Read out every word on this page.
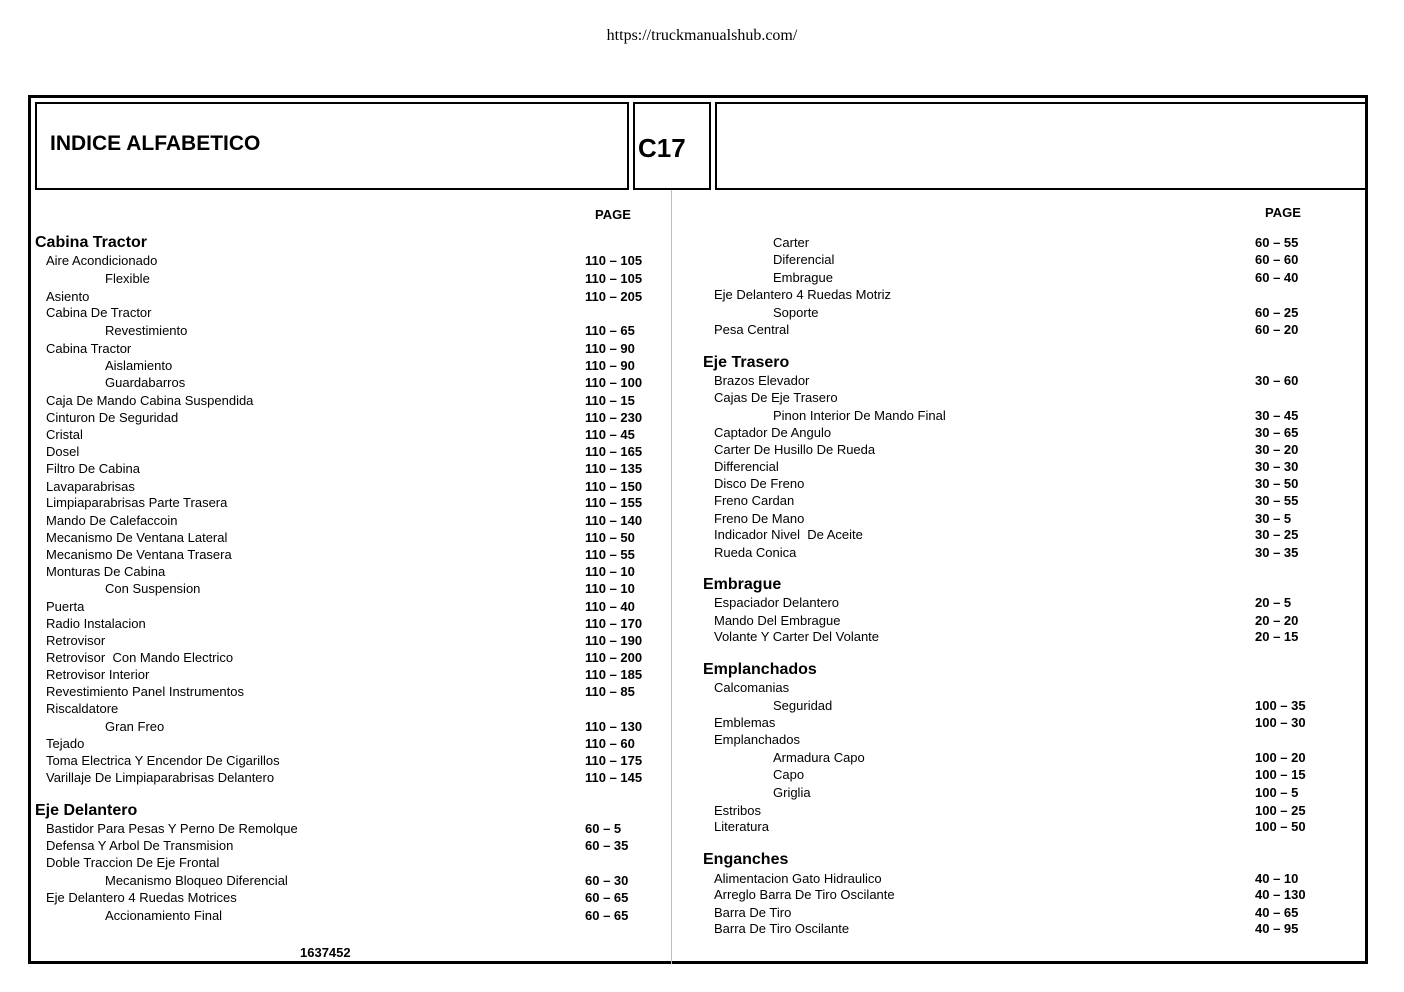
https://truckmanualshub.com/
INDICE ALFABETICO	C17
PAGE	PAGE
Cabina Tractor
Aire Acondicionado	110 – 105
Flexible	110 – 105
Asiento	110 – 205
Cabina De Tractor
Revestimiento	110 – 65
Cabina Tractor	110 – 90
Aislamiento	110 – 90
Guardabarros	110 – 100
Caja De Mando Cabina Suspendida	110 – 15
Cinturon De Seguridad	110 – 230
Cristal	110 – 45
Dosel	110 – 165
Filtro De Cabina	110 – 135
Lavaparabrisas	110 – 150
Limpiaparabrisas Parte Trasera	110 – 155
Mando De Calefaccoin	110 – 140
Mecanismo De Ventana Lateral	110 – 50
Mecanismo De Ventana Trasera	110 – 55
Monturas De Cabina	110 – 10
Con Suspension	110 – 10
Puerta	110 – 40
Radio Instalacion	110 – 170
Retrovisor	110 – 190
Retrovisor  Con Mando Electrico	110 – 200
Retrovisor Interior	110 – 185
Revestimiento Panel Instrumentos	110 – 85
Riscaldatore
Gran Freo	110 – 130
Tejado	110 – 60
Toma Electrica Y Encendor De Cigarillos	110 – 175
Varillaje De Limpiaparabrisas Delantero	110 – 145
Eje Delantero
Bastidor Para Pesas Y Perno De Remolque	60 – 5
Defensa Y Arbol De Transmision	60 – 35
Doble Traccion De Eje Frontal
Mecanismo Bloqueo Diferencial	60 – 30
Eje Delantero 4 Ruedas Motrices	60 – 65
Accionamiento Final	60 – 65
Carter	60 – 55
Diferencial	60 – 60
Embrague	60 – 40
Eje Delantero 4 Ruedas Motriz
Soporte	60 – 25
Pesa Central	60 – 20
Eje Trasero
Brazos Elevador	30 – 60
Cajas De Eje Trasero
Pinon Interior De Mando Final	30 – 45
Captador De Angulo	30 – 65
Carter De Husillo De Rueda	30 – 20
Differencial	30 – 30
Disco De Freno	30 – 50
Freno Cardan	30 – 55
Freno De Mano	30 – 5
Indicador Nivel  De Aceite	30 – 25
Rueda Conica	30 – 35
Embrague
Espaciador Delantero	20 – 5
Mando Del Embrague	20 – 20
Volante Y Carter Del Volante	20 – 15
Emplanchados
Calcomanias
Seguridad	100 – 35
Emblemas	100 – 30
Emplanchados
Armadura Capo	100 – 20
Capo	100 – 15
Griglia	100 – 5
Estribos	100 – 25
Literatura	100 – 50
Enganches
Alimentacion Gato Hidraulico	40 – 10
Arreglo Barra De Tiro Oscilante	40 – 130
Barra De Tiro	40 – 65
Barra De Tiro Oscilante	40 – 95
1637452
